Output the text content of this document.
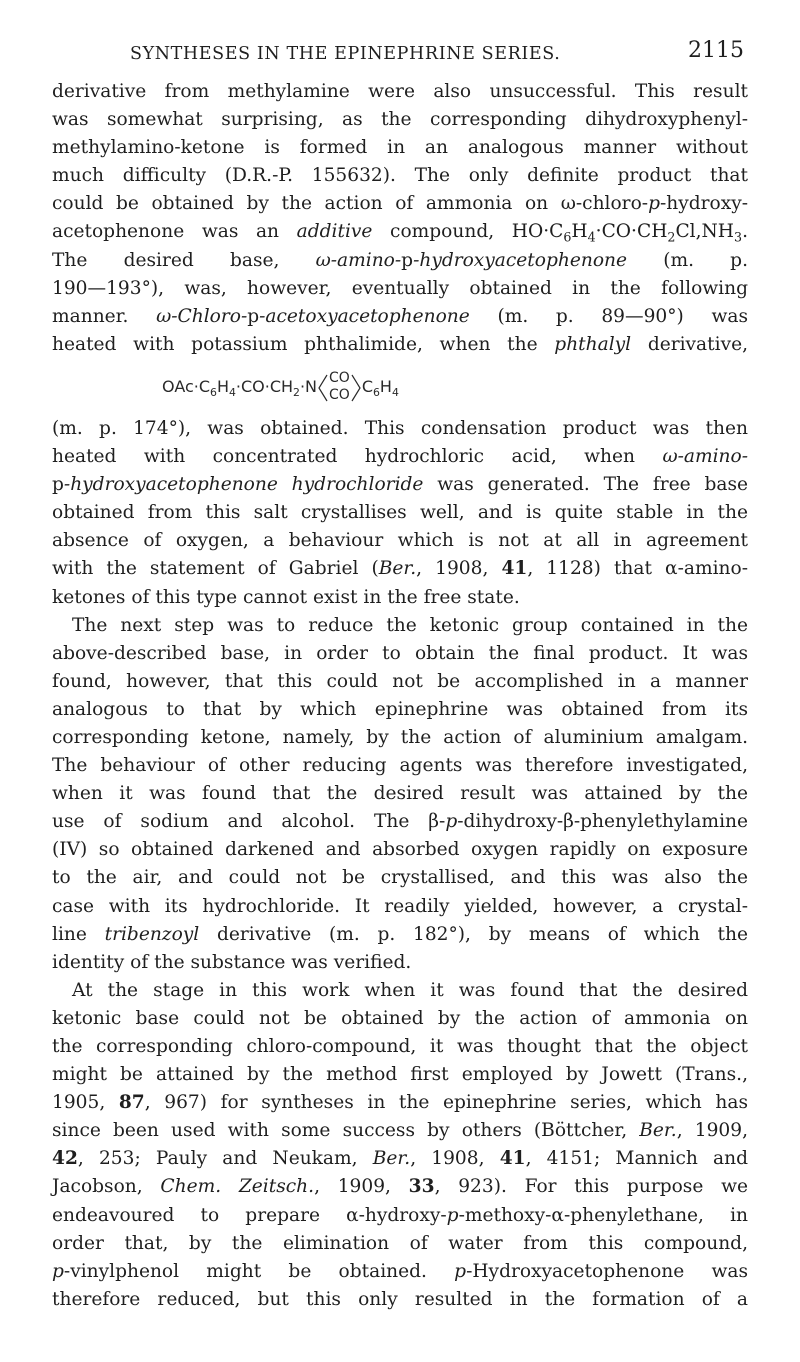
SYNTHESES IN THE EPINEPHRINE SERIES.	2115
derivative from methylamine were also unsuccessful. This result
was somewhat surprising, as the corresponding dihydroxyphenyl-
methylamino-ketone is formed in an analogous manner without
much difficulty (D.R.-P. 155632). The only definite product that
could be obtained by the action of ammonia on ω-chloro-p-hydroxy-
acetophenone was an additive compound, $HO\cdot C_6H_4\cdot CO\cdot CH_2Cl,NH_3$.
The desired base, ω-amino-p-hydroxyacetophenone (m. p.
190—193°), was, however, eventually obtained in the following
manner. ω-Chloro-p-acetoxyacetophenone (m. p. 89—90°) was
heated with potassium phthalimide, when the phthalyl derivative,
$OAc\cdot C_6H_4\cdot CO\cdot CH_2\cdot N$ CO
CO $C_6H_4$
(m. p. 174°), was obtained. This condensation product was then
heated with concentrated hydrochloric acid, when ω-amino-
p-hydroxyacetophenone hydrochloride was generated. The free base
obtained from this salt crystallises well, and is quite stable in the
absence of oxygen, a behaviour which is not at all in agreement
with the statement of Gabriel (Ber., 1908, 41, 1128) that α-amino-
ketones of this type cannot exist in the free state.
The next step was to reduce the ketonic group contained in the
above-described base, in order to obtain the final product. It was
found, however, that this could not be accomplished in a manner
analogous to that by which epinephrine was obtained from its
corresponding ketone, namely, by the action of aluminium amalgam.
The behaviour of other reducing agents was therefore investigated,
when it was found that the desired result was attained by the
use of sodium and alcohol. The β-p-dihydroxy-β-phenylethylamine
(IV) so obtained darkened and absorbed oxygen rapidly on exposure
to the air, and could not be crystallised, and this was also the
case with its hydrochloride. It readily yielded, however, a crystal-
line tribenzoyl derivative (m. p. 182°), by means of which the
identity of the substance was verified.
At the stage in this work when it was found that the desired
ketonic base could not be obtained by the action of ammonia on
the corresponding chloro-compound, it was thought that the object
might be attained by the method first employed by Jowett (Trans.,
1905, 87, 967) for syntheses in the epinephrine series, which has
since been used with some success by others (Böttcher, Ber., 1909,
42, 253; Pauly and Neukam, Ber., 1908, 41, 4151; Mannich and
Jacobson, Chem. Zeitsch., 1909, 33, 923). For this purpose we
endeavoured to prepare α-hydroxy-p-methoxy-α-phenylethane, in
order that, by the elimination of water from this compound,
p-vinylphenol might be obtained. p-Hydroxyacetophenone was
therefore reduced, but this only resulted in the formation of a
